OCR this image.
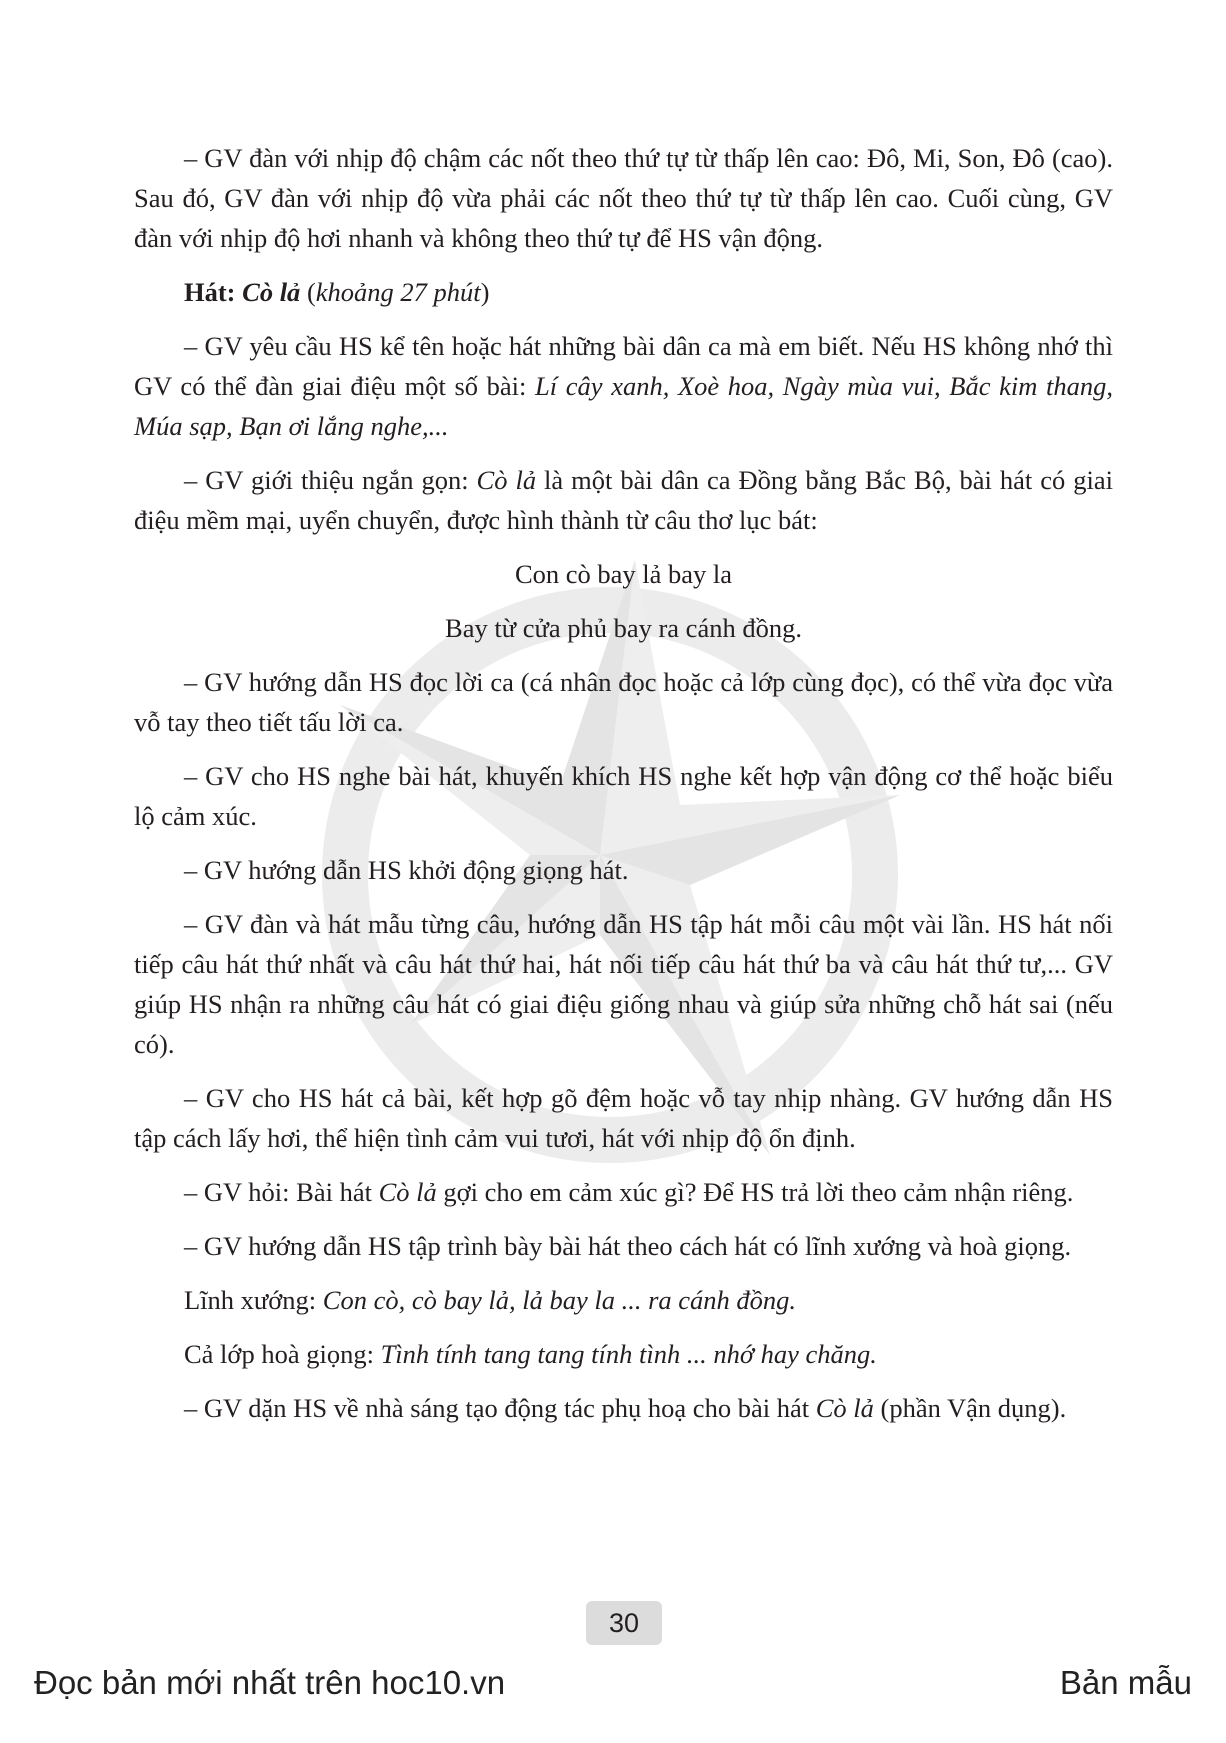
– GV đàn với nhịp độ chậm các nốt theo thứ tự từ thấp lên cao: Đô, Mi, Son, Đô (cao). Sau đó, GV đàn với nhịp độ vừa phải các nốt theo thứ tự từ thấp lên cao. Cuối cùng, GV đàn với nhịp độ hơi nhanh và không theo thứ tự để HS vận động.

Hát: Cò lả (khoảng 27 phút)

– GV yêu cầu HS kể tên hoặc hát những bài dân ca mà em biết. Nếu HS không nhớ thì GV có thể đàn giai điệu một số bài: Lí cây xanh, Xoè hoa, Ngày mùa vui, Bắc kim thang, Múa sạp, Bạn ơi lắng nghe,...

– GV giới thiệu ngắn gọn: Cò lả là một bài dân ca Đồng bằng Bắc Bộ, bài hát có giai điệu mềm mại, uyển chuyển, được hình thành từ câu thơ lục bát:

Con cò bay lả bay la

Bay từ cửa phủ bay ra cánh đồng.

– GV hướng dẫn HS đọc lời ca (cá nhân đọc hoặc cả lớp cùng đọc), có thể vừa đọc vừa vỗ tay theo tiết tấu lời ca.

– GV cho HS nghe bài hát, khuyến khích HS nghe kết hợp vận động cơ thể hoặc biểu lộ cảm xúc.

– GV hướng dẫn HS khởi động giọng hát.

– GV đàn và hát mẫu từng câu, hướng dẫn HS tập hát mỗi câu một vài lần. HS hát nối tiếp câu hát thứ nhất và câu hát thứ hai, hát nối tiếp câu hát thứ ba và câu hát thứ tư,... GV giúp HS nhận ra những câu hát có giai điệu giống nhau và giúp sửa những chỗ hát sai (nếu có).

– GV cho HS hát cả bài, kết hợp gõ đệm hoặc vỗ tay nhịp nhàng. GV hướng dẫn HS tập cách lấy hơi, thể hiện tình cảm vui tươi, hát với nhịp độ ổn định.

– GV hỏi: Bài hát Cò lả gợi cho em cảm xúc gì? Để HS trả lời theo cảm nhận riêng.

– GV hướng dẫn HS tập trình bày bài hát theo cách hát có lĩnh xướng và hoà giọng.

Lĩnh xướng: Con cò, cò bay lả, lả bay la ... ra cánh đồng.

Cả lớp hoà giọng: Tình tính tang tang tính tình ... nhớ hay chăng.

– GV dặn HS về nhà sáng tạo động tác phụ hoạ cho bài hát Cò lả (phần Vận dụng).

30
Đọc bản mới nhất trên hoc10.vn	Bản mẫu
